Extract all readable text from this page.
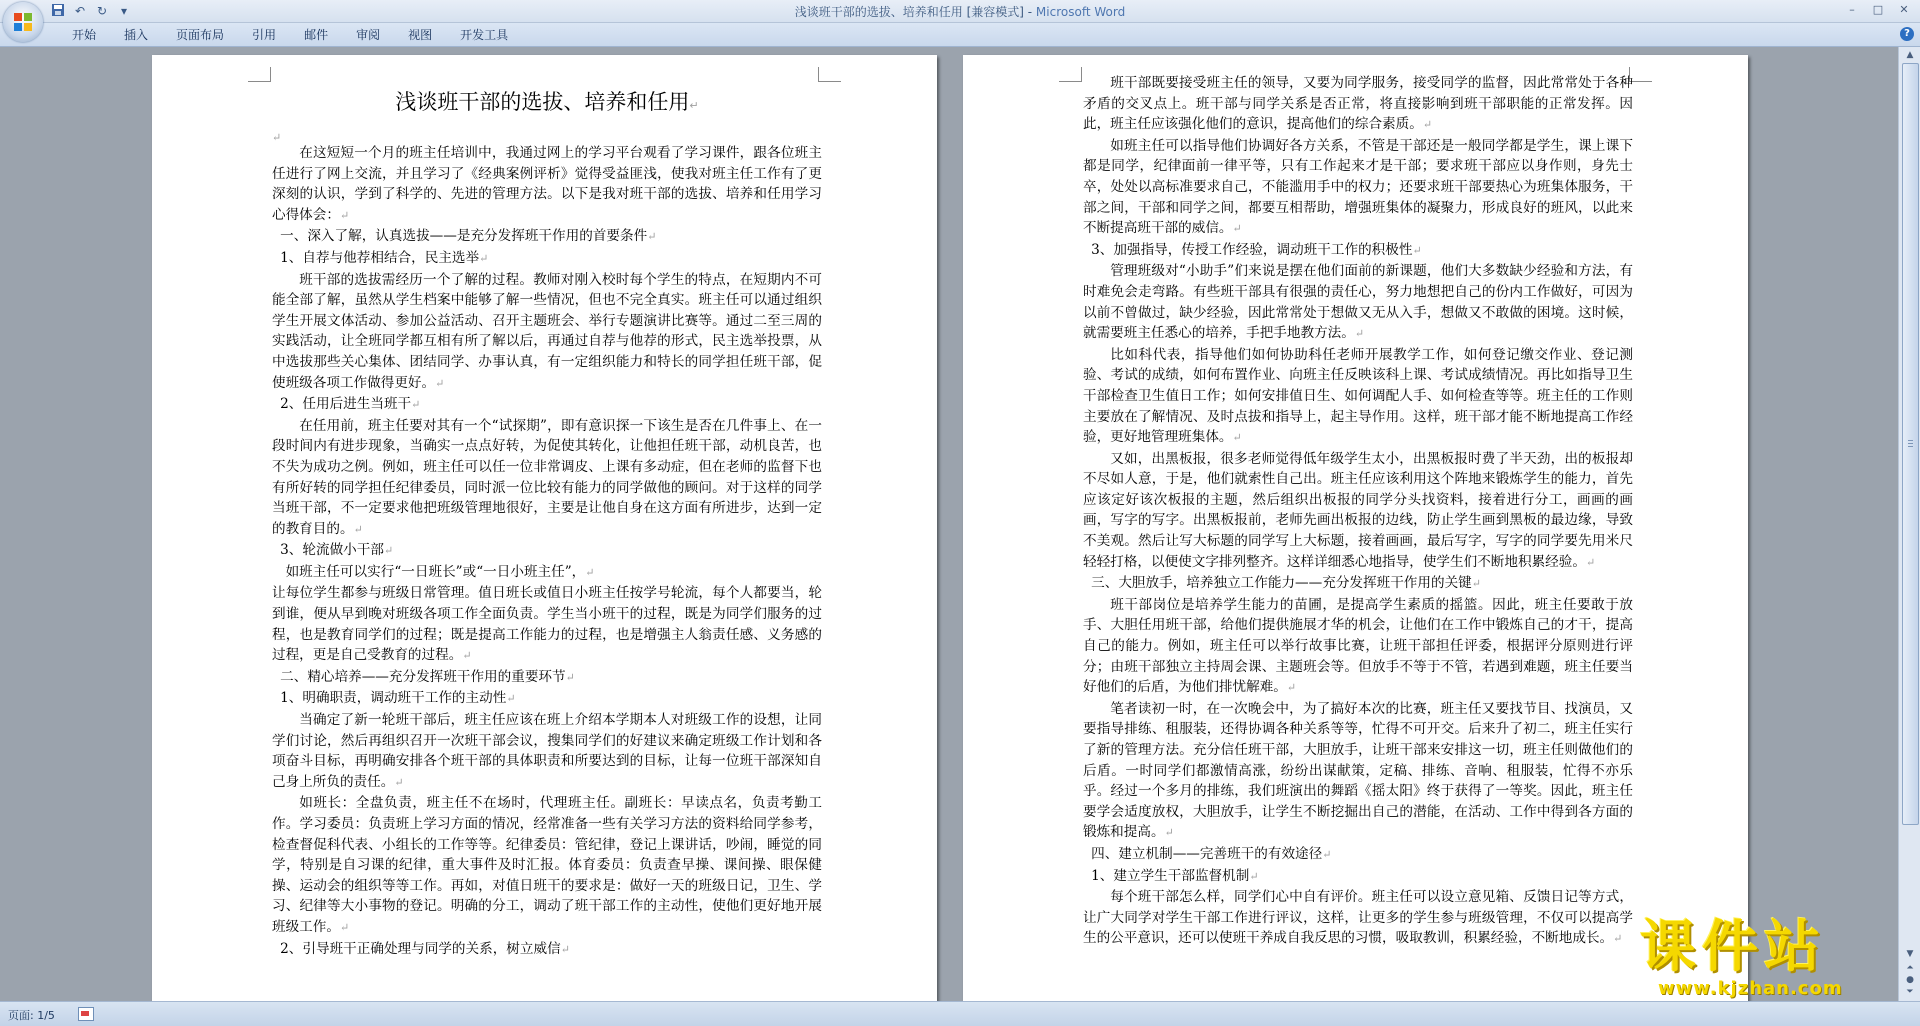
↶ ↻	▾	浅谈班干部的选拔、培养和任用 [兼容模式] - Microsoft Word	–	□	✕
开始	插入	页面布局	引用	邮件	审阅	视图	开发工具	?
浅谈班干部的选拔、培养和任用↵

↵

在这短短一个月的班主任培训中，我通过网上的学习平台观看了学习课件，跟各位班主任进行了网上交流，并且学习了《经典案例评析》觉得受益匪浅，使我对班主任工作有了更深刻的认识，学到了科学的、先进的管理方法。以下是我对班干部的选拔、培养和任用学习心得体会：↵

一、深入了解，认真选拔——是充分发挥班干作用的首要条件↵

1、自荐与他荐相结合，民主选举↵

班干部的选拔需经历一个了解的过程。教师对刚入校时每个学生的特点，在短期内不可能全部了解，虽然从学生档案中能够了解一些情况，但也不完全真实。班主任可以通过组织学生开展文体活动、参加公益活动、召开主题班会、举行专题演讲比赛等。通过二至三周的实践活动，让全班同学都互相有所了解以后，再通过自荐与他荐的形式，民主选举投票，从中选拔那些关心集体、团结同学、办事认真，有一定组织能力和特长的同学担任班干部，促使班级各项工作做得更好。↵

2、任用后进生当班干↵

在任用前，班主任要对其有一个“试探期”，即有意识探一下该生是否在几件事上、在一段时间内有进步现象，当确实一点点好转，为促使其转化，让他担任班干部，动机良苦，也不失为成功之例。例如，班主任可以任一位非常调皮、上课有多动症，但在老师的监督下也有所好转的同学担任纪律委员，同时派一位比较有能力的同学做他的顾问。对于这样的同学当班干部，不一定要求他把班级管理地很好，主要是让他自身在这方面有所进步，达到一定的教育目的。↵

3、轮流做小干部↵

如班主任可以实行“一日班长”或“一日小班主任”，↵

让每位学生都参与班级日常管理。值日班长或值日小班主任按学号轮流，每个人都要当，轮到谁，便从早到晚对班级各项工作全面负责。学生当小班干的过程，既是为同学们服务的过程，也是教育同学们的过程；既是提高工作能力的过程，也是增强主人翁责任感、义务感的过程，更是自己受教育的过程。↵

二、精心培养——充分发挥班干作用的重要环节↵

1、明确职责，调动班干工作的主动性↵

当确定了新一轮班干部后，班主任应该在班上介绍本学期本人对班级工作的设想，让同学们讨论，然后再组织召开一次班干部会议，搜集同学们的好建议来确定班级工作计划和各项奋斗目标，再明确安排各个班干部的具体职责和所要达到的目标，让每一位班干部深知自己身上所负的责任。↵

如班长：全盘负责，班主任不在场时，代理班主任。副班长：早读点名，负责考勤工作。学习委员：负责班上学习方面的情况，经常准备一些有关学习方法的资料给同学参考，检查督促科代表、小组长的工作等等。纪律委员：管纪律，登记上课讲话，吵闹，睡觉的同学，特别是自习课的纪律，重大事件及时汇报。体育委员：负责查早操、课间操、眼保健操、运动会的组织等等工作。再如，对值日班干的要求是：做好一天的班级日记，卫生、学习、纪律等大小事物的登记。明确的分工，调动了班干部工作的主动性，使他们更好地开展班级工作。↵

2、引导班干正确处理与同学的关系，树立威信↵

班干部既要接受班主任的领导，又要为同学服务，接受同学的监督，因此常常处于各种矛盾的交叉点上。班干部与同学关系是否正常，将直接影响到班干部职能的正常发挥。因此，班主任应该强化他们的意识，提高他们的综合素质。↵

如班主任可以指导他们协调好各方关系，不管是干部还是一般同学都是学生，课上课下都是同学，纪律面前一律平等，只有工作起来才是干部；要求班干部应以身作则，身先士卒，处处以高标准要求自己，不能滥用手中的权力；还要求班干部要热心为班集体服务，干部之间，干部和同学之间，都要互相帮助，增强班集体的凝聚力，形成良好的班风，以此来不断提高班干部的威信。↵

3、加强指导，传授工作经验，调动班干工作的积极性↵

管理班级对“小助手”们来说是摆在他们面前的新课题，他们大多数缺少经验和方法，有时难免会走弯路。有些班干部具有很强的责任心，努力地想把自己的份内工作做好，可因为以前不曾做过，缺少经验，因此常常处于想做又无从入手，想做又不敢做的困境。这时候，就需要班主任悉心的培养，手把手地教方法。↵

比如科代表，指导他们如何协助科任老师开展教学工作，如何登记缴交作业、登记测验、考试的成绩，如何布置作业、向班主任反映该科上课、考试成绩情况。再比如指导卫生干部检查卫生值日工作；如何安排值日生、如何调配人手、如何检查等等。班主任的工作则主要放在了解情况、及时点拔和指导上，起主导作用。这样，班干部才能不断地提高工作经验，更好地管理班集体。↵

又如，出黑板报，很多老师觉得低年级学生太小，出黑板报时费了半天劲，出的板报却不尽如人意，于是，他们就索性自己出。班主任应该利用这个阵地来锻炼学生的能力，首先应该定好该次板报的主题，然后组织出板报的同学分头找资料，接着进行分工，画画的画画，写字的写字。出黑板报前，老师先画出板报的边线，防止学生画到黑板的最边缘，导致不美观。然后让写大标题的同学写上大标题，接着画画，最后写字，写字的同学要先用米尺轻轻打格，以便使文字排列整齐。这样详细悉心地指导，使学生们不断地积累经验。↵

三、大胆放手，培养独立工作能力——充分发挥班干作用的关键↵

班干部岗位是培养学生能力的苗圃，是提高学生素质的摇篮。因此，班主任要敢于放手、大胆任用班干部，给他们提供施展才华的机会，让他们在工作中锻炼自己的才干，提高自己的能力。例如，班主任可以举行故事比赛，让班干部担任评委，根据评分原则进行评分；由班干部独立主持周会课、主题班会等。但放手不等于不管，若遇到难题，班主任要当好他们的后盾，为他们排忧解难。↵

笔者读初一时，在一次晚会中，为了搞好本次的比赛，班主任又要找节目、找演员，又要指导排练、租服装，还得协调各种关系等等，忙得不可开交。后来升了初二，班主任实行了新的管理方法。充分信任班干部，大胆放手，让班干部来安排这一切，班主任则做他们的后盾。一时同学们都激情高涨，纷纷出谋献策，定稿、排练、音响、租服装，忙得不亦乐乎。经过一个多月的排练，我们班演出的舞蹈《摇太阳》终于获得了一等奖。因此，班主任要学会适度放权，大胆放手，让学生不断挖掘出自己的潜能，在活动、工作中得到各方面的锻炼和提高。↵

四、建立机制——完善班干的有效途径↵

1、建立学生干部监督机制↵

每个班干部怎么样，同学们心中自有评价。班主任可以设立意见箱、反馈日记等方式，让广大同学对学生干部工作进行评议，这样，让更多的学生参与班级管理，不仅可以提高学生的公平意识，还可以使班干养成自我反思的习惯，吸取教训，积累经验，不断地成长。↵

▲
▼
⏶
●
⏷
页面: 1/5
课件站
www.kjzhan.com
